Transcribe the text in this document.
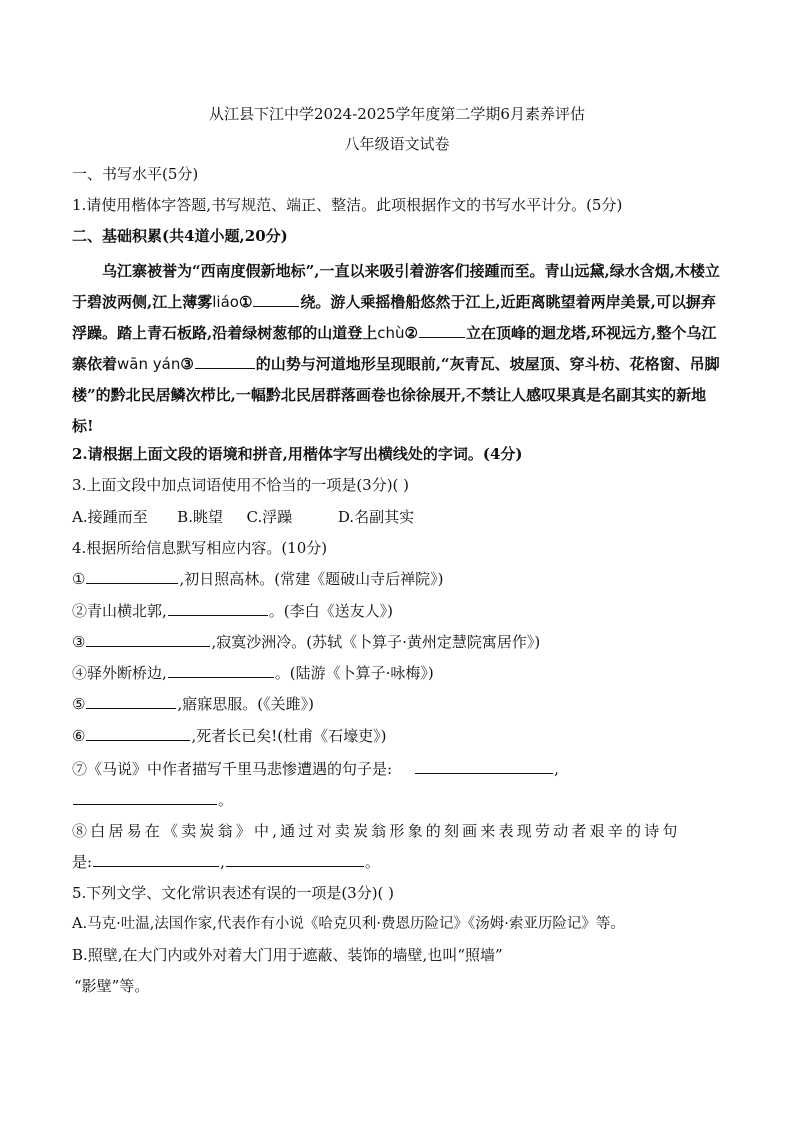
从江县下江中学2024-2025学年度第二学期6月素养评估
八年级语文试卷
一、书写水平(5分)
1.请使用楷体字答题,书写规范、端正、整洁。此项根据作文的书写水平计分。(5分)
二、基础积累(共4道小题,20分)
乌江寨被誉为“西南度假新地标”,一直以来吸引着游客们接踵而至。青山远黛,绿水含烟,木楼立于碧波两侧,江上薄雾liáo①	绕。游人乘摇橹船悠然于江上,近距离眺望着两岸美景,可以摒弃浮躁。踏上青石板路,沿着绿树葱郁的山道登上chù②	立在顶峰的迴龙塔,环视远方,整个乌江寨依着wān yán③	的山势与河道地形呈现眼前,“灰青瓦、坡屋顶、穿斗枋、花格窗、吊脚楼”的黔北民居鳞次栉比,一幅黔北民居群落画卷也徐徐展开,不禁让人感叹果真是名副其实的新地标!
2.请根据上面文段的语境和拼音,用楷体字写出横线处的字词。(4分)
3.上面文段中加点词语使用不恰当的一项是(3分)( )
A.接踵而至 B.眺望 C.浮躁	D.名副其实
4.根据所给信息默写相应内容。(10分)
①	,初日照高林。(常建《题破山寺后禅院》)
②青山横北郭,	。(李白《送友人》)
③	,寂寞沙洲冷。(苏轼《卜算子·黄州定慧院寓居作》)
④驿外断桥边,	。(陆游《卜算子·咏梅》)
⑤	,寤寐思服。(《关雎》)
⑥	,死者长已矣!(杜甫《石壕吏》)
⑦《马说》中作者描写千里马悲惨遭遇的句子是:	,
。
⑧白居易在《卖炭翁》中,通过对卖炭翁形象的刻画来表现劳动者艰辛的诗句
是:	,	。
5.下列文学、文化常识表述有误的一项是(3分)( )
A.马克·吐温,法国作家,代表作有小说《哈克贝利·费恩历险记》《汤姆·索亚历险记》等。
B.照壁,在大门内或外对着大门用于遮蔽、装饰的墙壁,也叫“照墙”
“影壁”等。
